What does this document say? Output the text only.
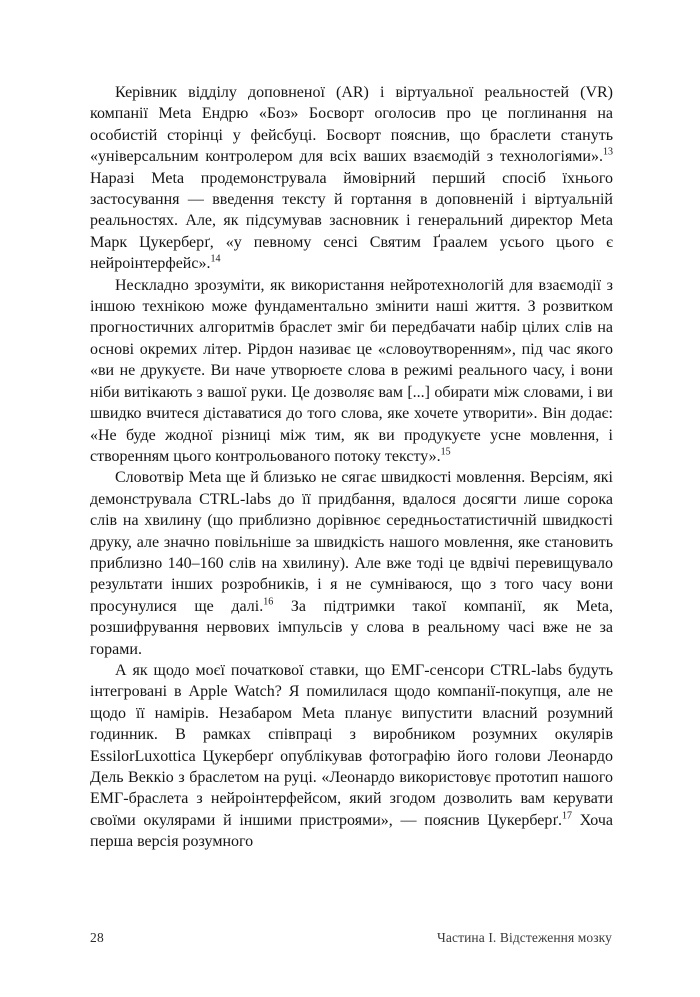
Керівник відділу доповненої (AR) і віртуальної реальностей (VR) компанії Meta Ендрю «Боз» Босворт оголосив про це поглинання на особистій сторінці у фейсбуці. Босворт пояснив, що браслети стануть «універсальним контролером для всіх ваших взаємодій з технологіями».$^{13}$ Наразі Meta продемонструвала ймовірний перший спосіб їхнього застосування — введення тексту й гортання в доповненій і віртуальній реальностях. Але, як підсумував засновник і генеральний директор Meta Марк Цукерберґ, «у певному сенсі Святим Ґраалем усього цього є нейроінтерфейс».$^{14}$

Нескладно зрозуміти, як використання нейротехнологій для взаємодії з іншою технікою може фундаментально змінити наші життя. З розвитком прогностичних алгоритмів браслет зміг би передбачати набір цілих слів на основі окремих літер. Рірдон називає це «словоутворенням», під час якого «ви не друкуєте. Ви наче утворюєте слова в режимі реального часу, і вони ніби витікають з вашої руки. Це дозволяє вам [...] обирати між словами, і ви швидко вчитеся діставатися до того слова, яке хочете утворити». Він додає: «Не буде жодної різниці між тим, як ви продукуєте усне мовлення, і створенням цього контрольованого потоку тексту».$^{15}$

Словотвір Meta ще й близько не сягає швидкості мовлення. Версіям, які демонструвала CTRL-labs до її придбання, вдалося досягти лише сорока слів на хвилину (що приблизно дорівнює середньостатистичній швидкості друку, але значно повільніше за швидкість нашого мовлення, яке становить приблизно 140–160 слів на хвилину). Але вже тоді це вдвічі перевищувало результати інших розробників, і я не сумніваюся, що з того часу вони просунулися ще далі.$^{16}$ За підтримки такої компанії, як Meta, розшифрування нервових імпульсів у слова в реальному часі вже не за горами.

А як щодо моєї початкової ставки, що ЕМГ-сенсори CTRL-labs будуть інтегровані в Apple Watch? Я помилилася щодо компанії-покупця, але не щодо її намірів. Незабаром Meta планує випустити власний розумний годинник. В рамках співпраці з виробником розумних окулярів EssilorLuxottica Цукерберґ опублікував фотографію його голови Леонардо Дель Веккіо з браслетом на руці. «Леонардо використовує прототип нашого ЕМГ-браслета з нейроінтерфейсом, який згодом дозволить вам керувати своїми окулярами й іншими пристроями», — пояснив Цукерберґ.$^{17}$ Хоча перша версія розумного

28	Частина I. Відстеження мозку
